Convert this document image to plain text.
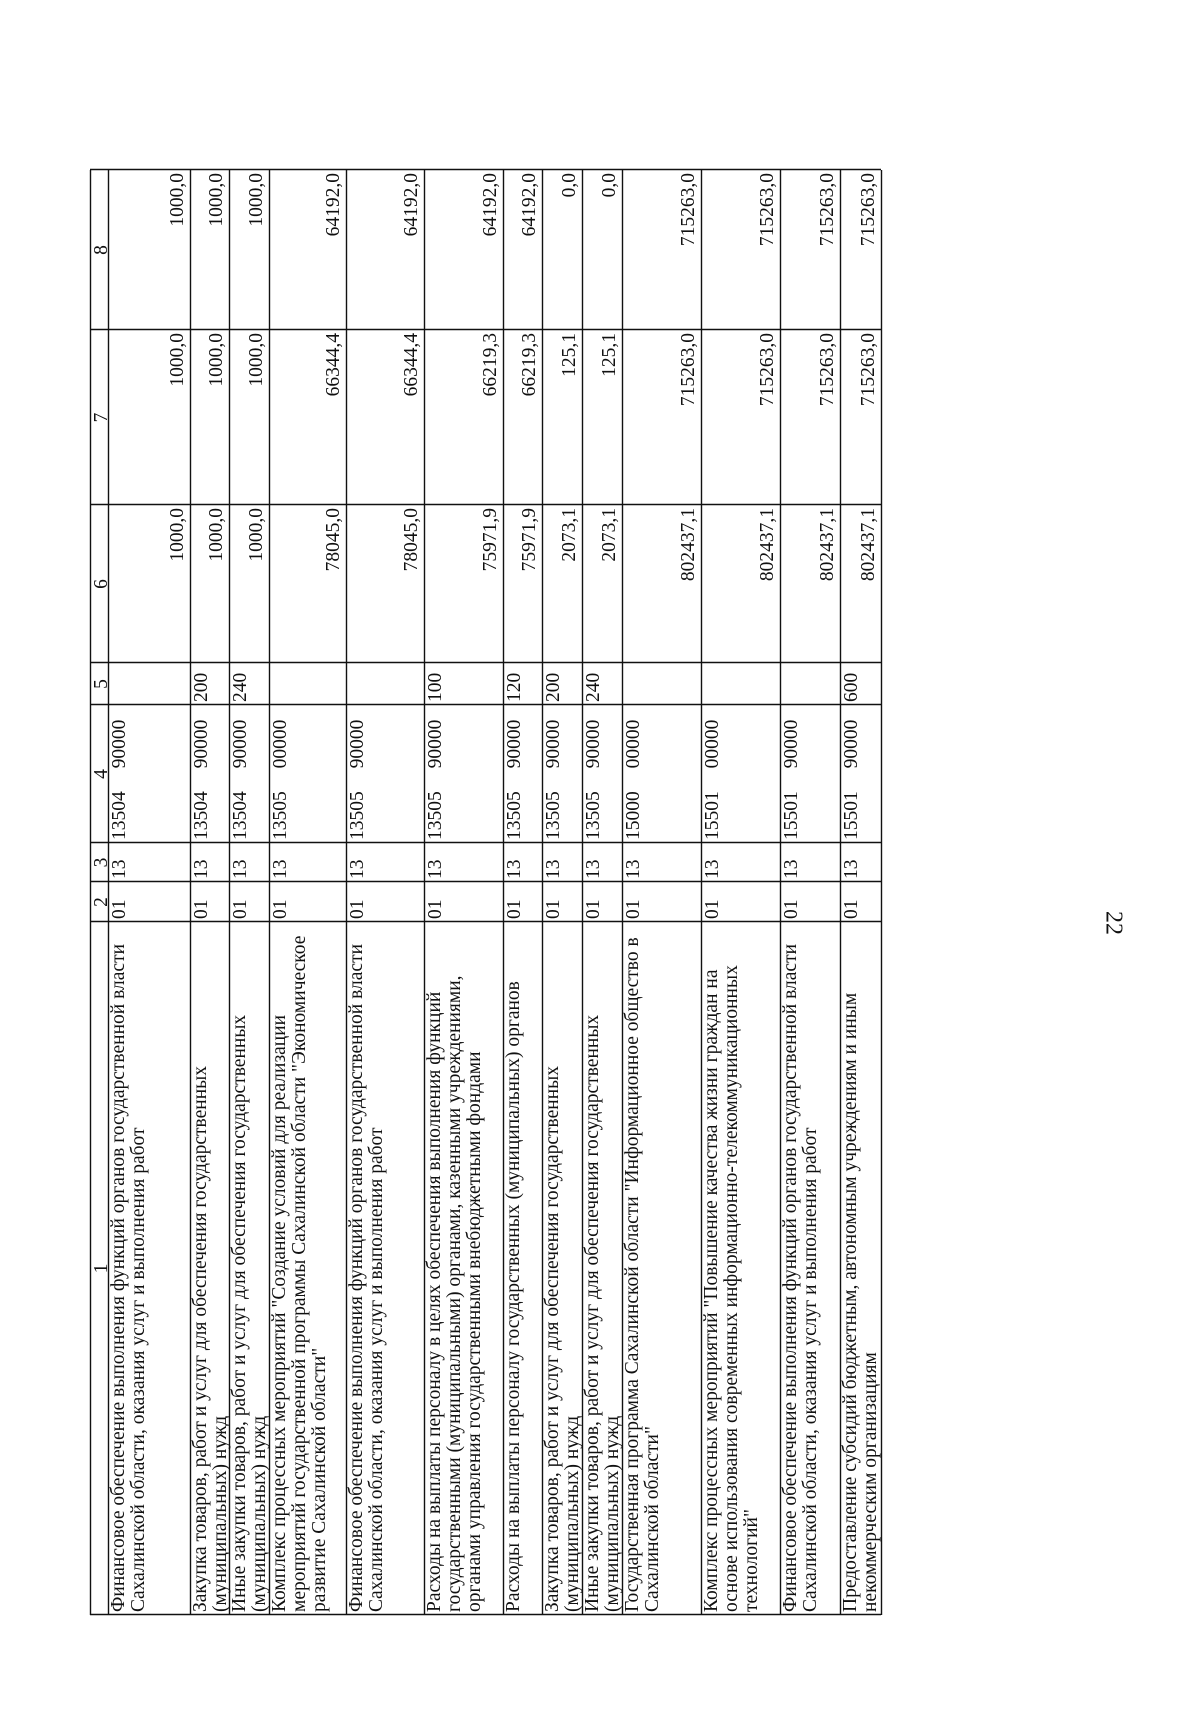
22
1
2
3
4
5
6
7
8
Финансовое обеспечение выполнения функций органов государственной власти Сахалинской области, оказания услуг и выполнения работ
01
13
13504 90000
1000,0
1000,0
1000,0
Закупка товаров, работ и услуг для обеспечения государственных (муниципальных) нужд
01
13
13504 90000
200
1000,0
1000,0
1000,0
Иные закупки товаров, работ и услуг для обеспечения государственных (муниципальных) нужд
01
13
13504 90000
240
1000,0
1000,0
1000,0
Комплекс процессных мероприятий "Создание условий для реализации мероприятий государственной программы Сахалинской области "Экономическое развитие Сахалинской области"
01
13
13505 00000
78045,0
66344,4
64192,0
Финансовое обеспечение выполнения функций органов государственной власти Сахалинской области, оказания услуг и выполнения работ
01
13
13505 90000
78045,0
66344,4
64192,0
Расходы на выплаты персоналу в целях обеспечения выполнения функций государственными (муниципальными) органами, казенными учреждениями, органами управления государственными внебюджетными фондами
01
13
13505 90000
100
75971,9
66219,3
64192,0
Расходы на выплаты персоналу государственных (муниципальных) органов
01
13
13505 90000
120
75971,9
66219,3
64192,0
Закупка товаров, работ и услуг для обеспечения государственных (муниципальных) нужд
01
13
13505 90000
200
2073,1
125,1
0,0
Иные закупки товаров, работ и услуг для обеспечения государственных (муниципальных) нужд
01
13
13505 90000
240
2073,1
125,1
0,0
Государственная программа Сахалинской области "Информационное общество в Сахалинской области"
01
13
15000 00000
802437,1
715263,0
715263,0
Комплекс процессных мероприятий "Повышение качества жизни граждан на основе использования современных информационно-телекоммуникационных технологий"
01
13
15501 00000
802437,1
715263,0
715263,0
Финансовое обеспечение выполнения функций органов государственной власти Сахалинской области, оказания услуг и выполнения работ
01
13
15501 90000
802437,1
715263,0
715263,0
Предоставление субсидий бюджетным, автономным учреждениям и иным некоммерческим организациям
01
13
15501 90000
600
802437,1
715263,0
715263,0
